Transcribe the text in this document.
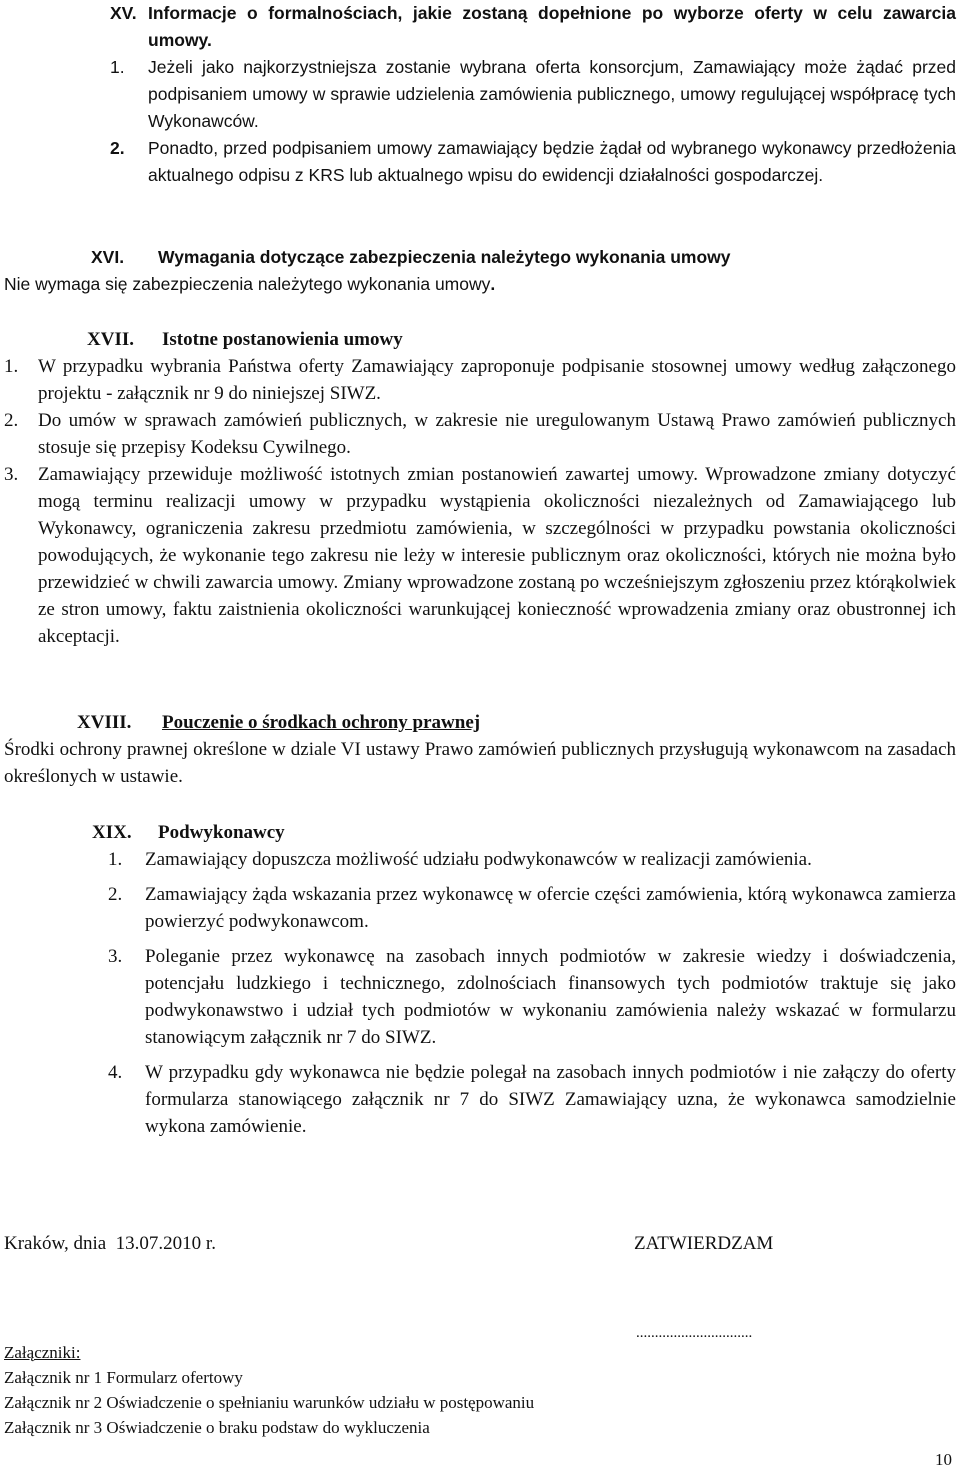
XV. Informacje o formalnościach, jakie zostaną dopełnione po wyborze oferty w celu zawarcia umowy.
1.	Jeżeli jako najkorzystniejsza zostanie wybrana oferta konsorcjum, Zamawiający może żądać przed podpisaniem umowy w sprawie udzielenia zamówienia publicznego, umowy regulującej współpracę tych Wykonawców.
2.	Ponadto, przed podpisaniem umowy zamawiający będzie żądał od wybranego wykonawcy przedłożenia aktualnego odpisu z KRS lub aktualnego wpisu do ewidencji działalności gospodarczej.
XVI.	Wymagania dotyczące zabezpieczenia należytego wykonania umowy
Nie wymaga się zabezpieczenia należytego wykonania umowy.
XVII.	Istotne postanowienia umowy
1.	W przypadku wybrania Państwa oferty Zamawiający zaproponuje podpisanie stosownej umowy według załączonego projektu - załącznik nr 9 do niniejszej SIWZ.
2.	Do umów w sprawach zamówień publicznych, w zakresie nie uregulowanym Ustawą Prawo zamówień publicznych stosuje się przepisy Kodeksu Cywilnego.
3.	Zamawiający przewiduje możliwość istotnych zmian postanowień zawartej umowy. Wprowadzone zmiany dotyczyć mogą terminu realizacji umowy w przypadku wystąpienia okoliczności niezależnych od Zamawiającego lub Wykonawcy, ograniczenia zakresu przedmiotu zamówienia, w szczególności w przypadku powstania okoliczności powodujących, że wykonanie tego zakresu nie leży w interesie publicznym oraz okoliczności, których nie można było przewidzieć w chwili zawarcia umowy. Zmiany wprowadzone zostaną po wcześniejszym zgłoszeniu przez którąkolwiek ze stron umowy, faktu zaistnienia okoliczności warunkującej konieczność wprowadzenia zmiany oraz obustronnej ich akceptacji.
XVIII.	Pouczenie o środkach ochrony prawnej
Środki ochrony prawnej określone w dziale VI ustawy Prawo zamówień publicznych przysługują wykonawcom na zasadach określonych w ustawie.
XIX.	Podwykonawcy
1.	Zamawiający dopuszcza możliwość udziału podwykonawców w realizacji zamówienia.
2.	Zamawiający żąda wskazania przez wykonawcę w ofercie części zamówienia, którą wykonawca zamierza powierzyć podwykonawcom.
3.	Poleganie przez wykonawcę na zasobach innych podmiotów w zakresie wiedzy i doświadczenia, potencjału ludzkiego i technicznego, zdolnościach finansowych tych podmiotów traktuje się jako podwykonawstwo i udział tych podmiotów w wykonaniu zamówienia należy wskazać w formularzu stanowiącym załącznik nr 7 do SIWZ.
4.	W przypadku gdy wykonawca nie będzie polegał na zasobach innych podmiotów i nie załączy do oferty formularza stanowiącego załącznik nr 7 do SIWZ Zamawiający uzna, że wykonawca samodzielnie wykona zamówienie.
Kraków, dnia  13.07.2010 r.	ZATWIERDZAM
...............................
Załączniki:
Załącznik nr 1 Formularz ofertowy
Załącznik nr 2 Oświadczenie o spełnianiu warunków udziału w postępowaniu
Załącznik nr 3 Oświadczenie o braku podstaw do wykluczenia
10
